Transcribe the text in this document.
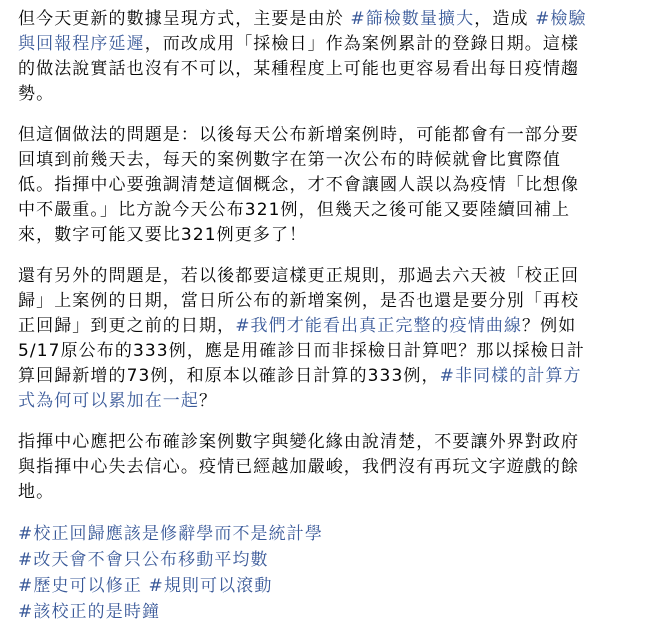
但今天更新的數據呈現方式，主要是由於 #篩檢數量擴大，造成 #檢驗
與回報程序延遲，而改成用「採檢日」作為案例累計的登錄日期。這樣
的做法說實話也沒有不可以，某種程度上可能也更容易看出每日疫情趨
勢。

但這個做法的問題是：以後每天公布新增案例時，可能都會有一部分要
回填到前幾天去，每天的案例數字在第一次公布的時候就會比實際值
低。指揮中心要強調清楚這個概念，才不會讓國人誤以為疫情「比想像
中不嚴重。」比方說今天公布321例，但幾天之後可能又要陸續回補上
來，數字可能又要比321例更多了！

還有另外的問題是，若以後都要這樣更正規則，那過去六天被「校正回
歸」上案例的日期，當日所公布的新增案例，是否也還是要分別「再校
正回歸」到更之前的日期，#我們才能看出真正完整的疫情曲線？例如
5/17原公布的333例，應是用確診日而非採檢日計算吧？那以採檢日計
算回歸新增的73例，和原本以確診日計算的333例，#非同樣的計算方
式為何可以累加在一起？

指揮中心應把公布確診案例數字與變化緣由說清楚，不要讓外界對政府
與指揮中心失去信心。疫情已經越加嚴峻，我們沒有再玩文字遊戲的餘
地。

#校正回歸應該是修辭學而不是統計學
#改天會不會只公布移動平均數
#歷史可以修正 #規則可以滾動
#該校正的是時鐘
